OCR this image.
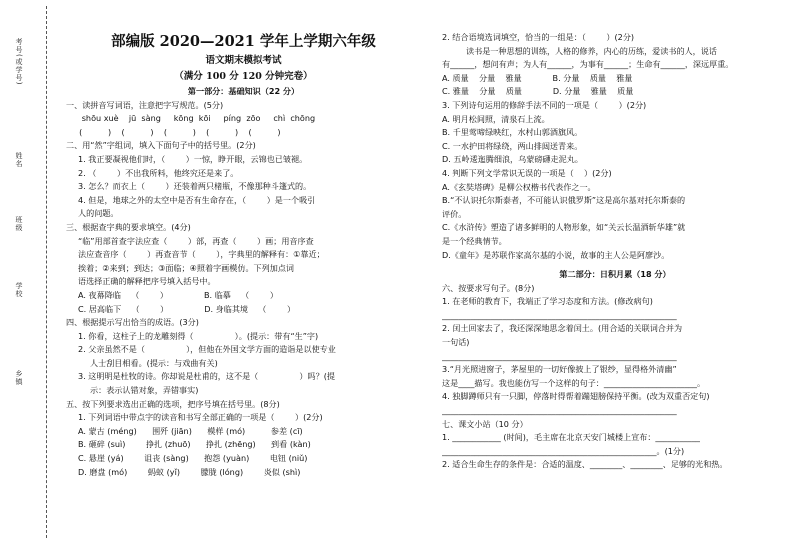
考号(或学号)
姓名
班级
学校
乡镇
部编版 2020—2021 学年上学期六年级
语文期末模拟考试
（满分 100 分 120 分钟完卷）
第一部分：基础知识（22 分）
一、读拼音写词语，注意把字写规范。(5分)
shōu xuè    jū  sàng     kōng  kōi     píng  zōo     chì  chōng
(          )    (          )    (          )    (          )    (          )
二、用“然”字组词，填入下面句子中的括号里。(2分)
1. 我正要凝视他们时，（        ）一惊，睁开眼，云锦也已皱褪。
2. （        ）不出我所料，他终究还是来了。
3. 怎么？而衣上（        ）还装着两只楮瓶，不像那种斗篷式的。
4. 但是，地球之外的太空中是否有生命存在，（        ）是一个吸引
人的问题。
三、根据查字典的要求填空。(4分)
“临”用部首查字法应查（        ）部，再查（        ）画；用音序查
法应查音序（        ）再查音节（        ），字典里的解释有：①靠近；
挨着；②来到；到达；③面临；④照着字画模仿。下列加点词
语选择正确的解释把序号填入括号中。
A. 夜幕降临    （        ）              B. 临摹    （        ）
C. 居高临下    （        ）              D. 身临其境    （        ）
四、根据提示写出恰当的成语。(3分)
1. 你看，这柱子上的龙雕刻得（                ）。(提示：带有“生”字)
2. 父亲虽然不是（                ），但他在外国文学方面的造诣是以使专业
人士刮目相看。(提示：与戏曲有关)
3. 这明明是杜牧的诗。你却说是杜甫的，这不是（                ）吗？(提
示：表示认错对象，弄错事实)
五、按下列要求选出正确的选项，把序号填在括号里。(8分)
1. 下列词语中带点字的读音和书写全部正确的一项是（        ）(2分)
A. 蒙古 (méng)      围歼 (jiān)      模样 (mó)          参差 (cī)
B. 砸碎 (suì)        挣扎 (zhuō)      挣扎 (zhēng)      到看 (kàn)
C. 悬崖 (yá)        诅丧 (sàng)      抱怨 (yuàn)        电钮 (niǔ)
D. 磨盘 (mó)        蚂蚁 (yǐ)        朦胧 (lóng)        炎似 (shì)
2. 结合语境选词填空，恰当的一组是：（        ）(2分)
读书是一种思想的训练，人格的修养，内心的历练，爱读书的人，说话
有______，想问有声；为人有______，为事有______；生命有______，深远厚重。
A. 质量    分量    雅量            B. 分量    质量    雅量
C. 雅量    分量    质量            D. 分量    雅量    质量
3. 下列诗句运用的修辞手法不同的一项是（        ）(2分)
A. 明月松间照，清泉石上流。
B. 千里莺啼绿映红，水村山郭酒旗风。
C. 一水护田将绿绕，两山排闼送青来。
D. 五岭逶迤腾细浪，乌蒙磅礴走泥丸。
4. 判断下列文学常识无误的一项是（    ）(2分)
A.《玄奘塔碑》是柳公权楷书代表作之一。
B.“不认识托尔斯泰者，不可能认识俄罗斯”这是高尔基对托尔斯泰的
评价。
C.《水浒传》塑造了诸多鲜明的人物形象，如“关云长温酒斩华雄”就
是一个经典情节。
D.《童年》是苏联作家高尔基的小说，故事的主人公是阿廖沙。
第二部分：日积月累（18 分）
六、按要求写句子。(8分)
1. 在老师的教育下，我端正了学习态度和方法。(修改病句)
__________________________________________________________
2. 闰土回家去了，我还深深地思念着闰土。(用合适的关联词合并为
一句话)
__________________________________________________________
3.“月光照进窗子，茅屋里的一切好像披上了银纱，显得格外清幽”
这是____描写。我也能仿写一个这样的句子：_______________________。
4. 独脚蹲师只有一只脚，停落时得帮着蹦翅膀保持平衡。(改为双重否定句)
__________________________________________________________
七、课文小站（10 分）
1. ____________ (时间)，毛主席在北京天安门城楼上宣布：___________
_____________________________________________________。(1分)
2. 适合生命生存的条件是：合适的温度、________、________、足够的光和热。
